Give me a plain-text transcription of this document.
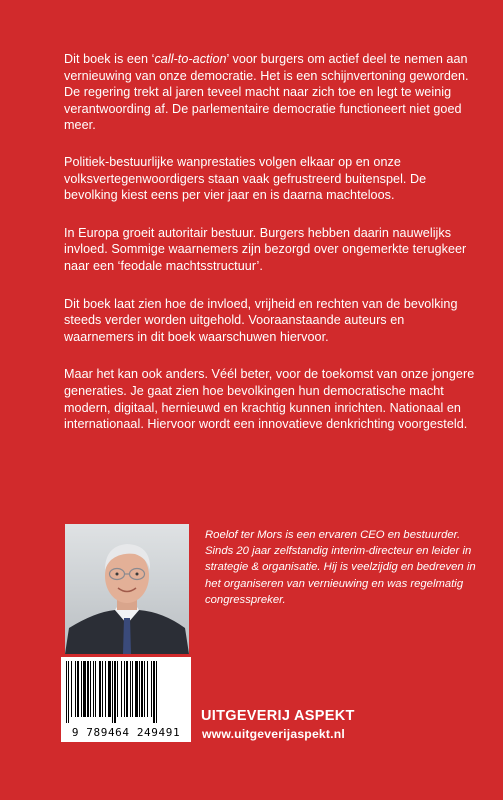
Dit boek is een ‘call-to-action’ voor burgers om actief deel te nemen aan vernieuwing van onze democratie. Het is een schijnvertoning geworden. De regering trekt al jaren teveel macht naar zich toe en legt te weinig verantwoording af. De parlementaire democratie functioneert niet goed meer.

Politiek-bestuurlijke wanprestaties volgen elkaar op en onze volksvertegenwoordigers staan vaak gefrustreerd buitenspel. De bevolking kiest eens per vier jaar en is daarna machteloos.

In Europa groeit autoritair bestuur. Burgers hebben daarin nauwelijks invloed. Sommige waarnemers zijn bezorgd over ongemerkte terugkeer naar een ‘feodale machtsstructuur’.

Dit boek laat zien hoe de invloed, vrijheid en rechten van de bevolking steeds verder worden uitgehold. Vooraanstaande auteurs en waarnemers in dit boek waarschuwen hiervoor.

Maar het kan ook anders. Véél beter, voor de toekomst van onze jongere generaties. Je gaat zien hoe bevolkingen hun democratische macht modern, digitaal, hernieuwd en krachtig kunnen inrichten. Nationaal en internationaal. Hiervoor wordt een innovatieve denkrichting voorgesteld.

Roelof ter Mors is een ervaren CEO en bestuurder. Sinds 20 jaar zelfstandig interim-directeur en leider in strategie & organisatie. Hij is veelzijdig en bedreven in het organiseren van vernieuwing en was regelmatig congresspreker.
9 789464 249491
UITGEVERIJ ASPEKT
www.uitgeverijaspekt.nl
